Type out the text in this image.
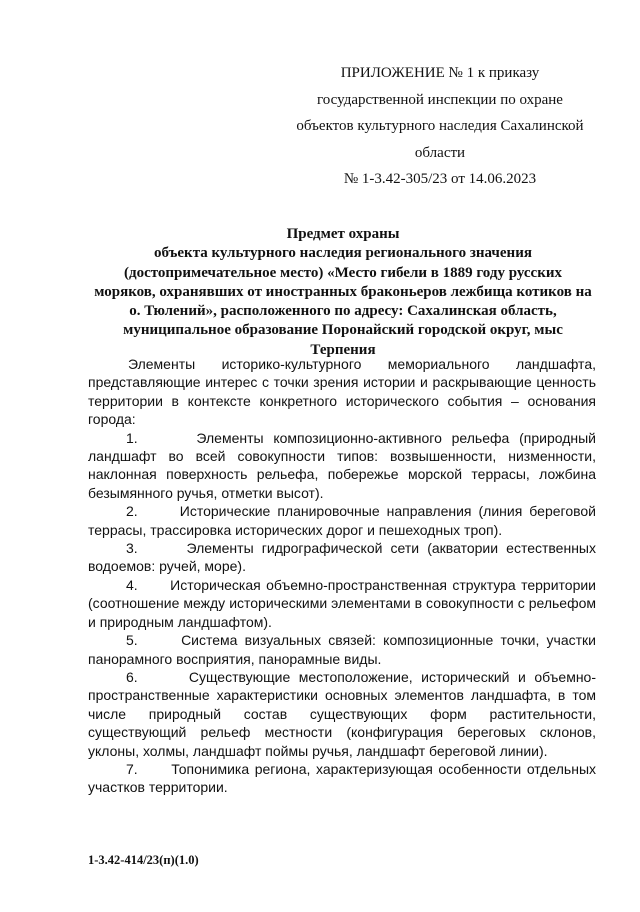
ПРИЛОЖЕНИЕ № 1 к приказу
государственной инспекции по охране
объектов культурного наследия Сахалинской
области
№ 1-3.42-305/23 от 14.06.2023
Предмет охраны
объекта культурного наследия регионального значения
(достопримечательное место) «Место гибели в 1889 году русских
моряков, охранявших от иностранных браконьеров лежбища котиков на
о. Тюлений», расположенного по адресу: Сахалинская область,
муниципальное образование Поронайский городской округ, мыс
Терпения

Элементы историко-культурного мемориального ландшафта, представляющие интерес с точки зрения истории и раскрывающие ценность территории в контексте конкретного исторического события – основания города:

1.	Элементы композиционно-активного рельефа (природный ландшафт во всей совокупности типов: возвышенности, низменности, наклонная поверхность рельефа, побережье морской террасы, ложбина безымянного ручья, отметки высот).

2.	Исторические планировочные направления (линия береговой террасы, трассировка исторических дорог и пешеходных троп).

3.	Элементы гидрографической сети (акватории естественных водоемов: ручей, море).

4. Историческая объемно-пространственная структура территории (соотношение между историческими элементами в совокупности с рельефом и природным ландшафтом).

5.	Система визуальных связей: композиционные точки, участки панорамного восприятия, панорамные виды.

6.	Существующие местоположение, исторический и объемно-пространственные характеристики основных элементов ландшафта, в том числе природный состав существующих форм растительности, существующий рельеф местности (конфигурация береговых склонов, уклоны, холмы, ландшафт поймы ручья, ландшафт береговой линии).

7. Топонимика региона, характеризующая особенности отдельных участков территории.

1-3.42-414/23(п)(1.0)
